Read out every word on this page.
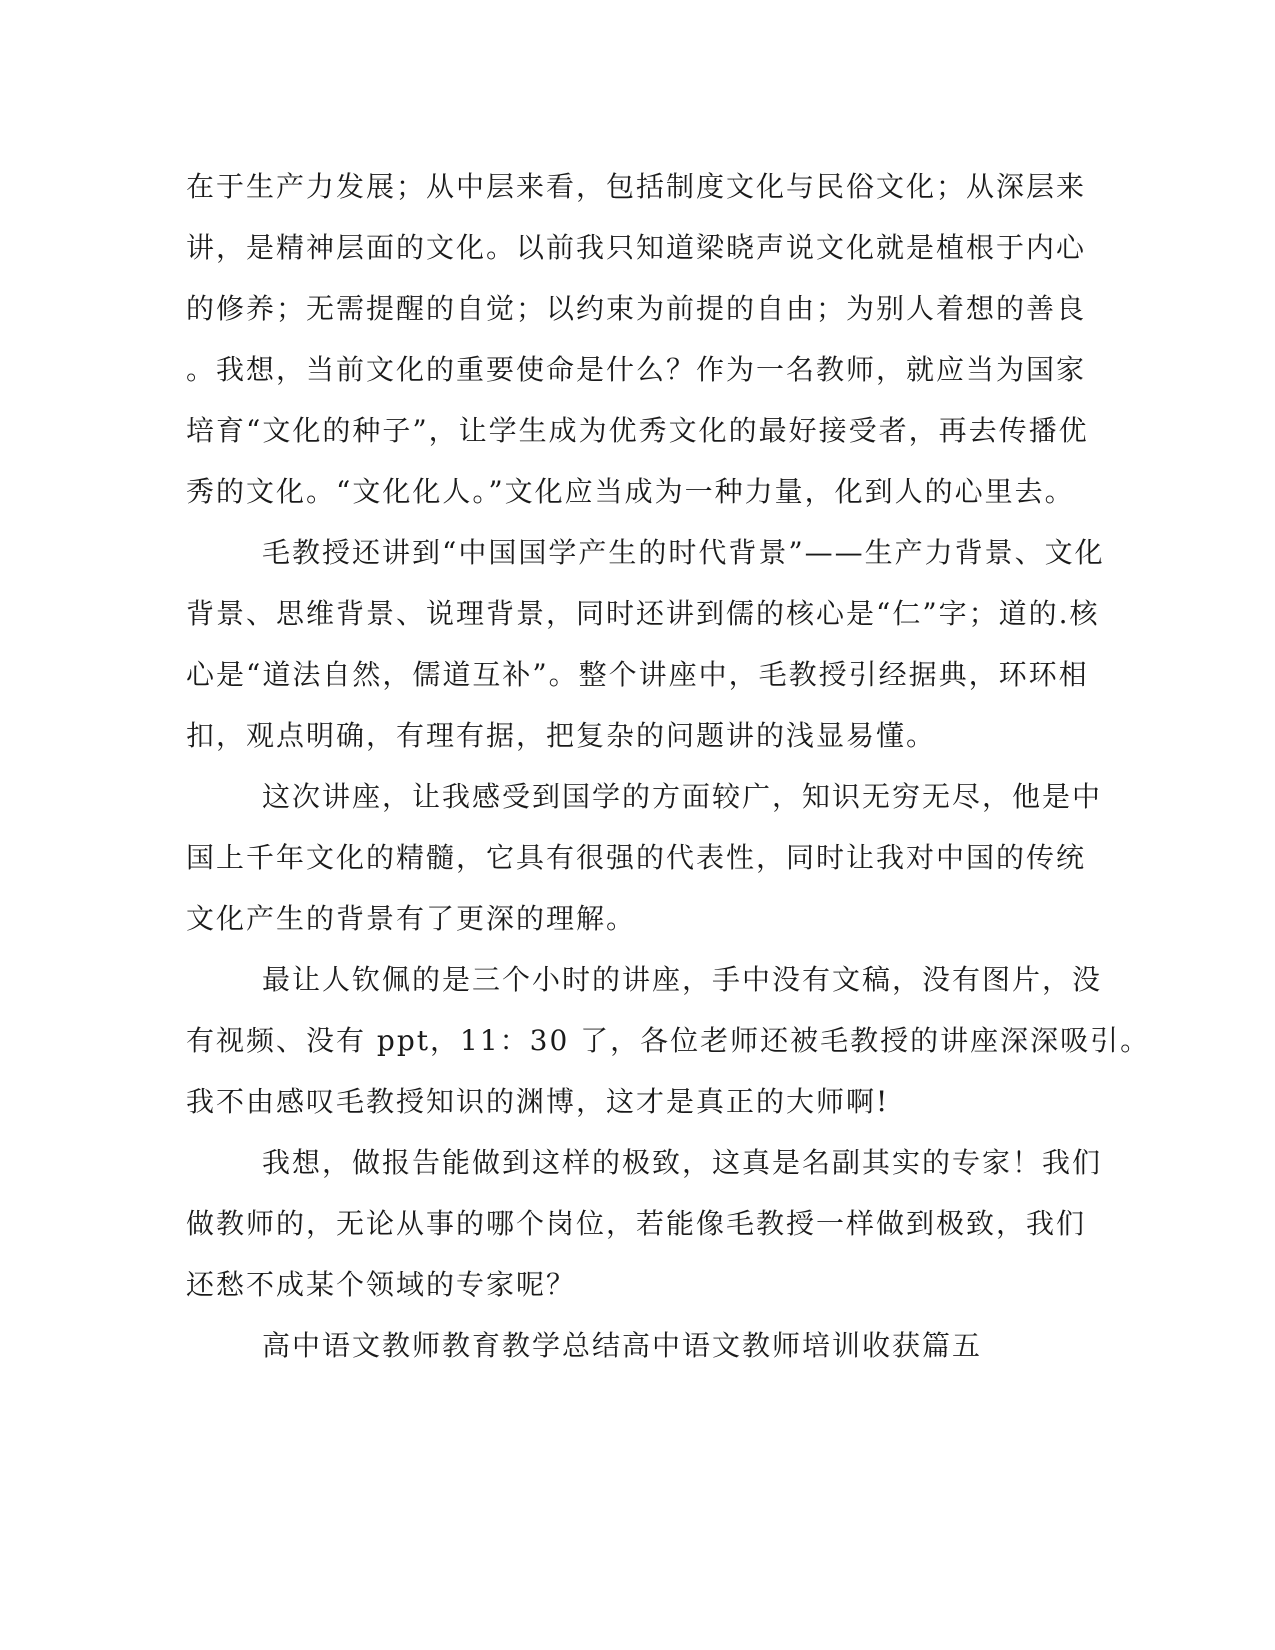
在于生产力发展；从中层来看，包括制度文化与民俗文化；从深层来
讲，是精神层面的文化。以前我只知道梁晓声说文化就是植根于内心
的修养；无需提醒的自觉；以约束为前提的自由；为别人着想的善良
。我想，当前文化的重要使命是什么？作为一名教师，就应当为国家
培育“文化的种子”，让学生成为优秀文化的最好接受者，再去传播优
秀的文化。“文化化人。”文化应当成为一种力量，化到人的心里去。

毛教授还讲到“中国国学产生的时代背景”——生产力背景、文化
背景、思维背景、说理背景，同时还讲到儒的核心是“仁”字；道的.核
心是“道法自然，儒道互补”。整个讲座中，毛教授引经据典，环环相
扣，观点明确，有理有据，把复杂的问题讲的浅显易懂。

这次讲座，让我感受到国学的方面较广，知识无穷无尽，他是中
国上千年文化的精髓，它具有很强的代表性，同时让我对中国的传统
文化产生的背景有了更深的理解。

最让人钦佩的是三个小时的讲座，手中没有文稿，没有图片，没
有视频、没有 ppt，11：30 了，各位老师还被毛教授的讲座深深吸引。
我不由感叹毛教授知识的渊博，这才是真正的大师啊!

我想，做报告能做到这样的极致，这真是名副其实的专家！我们
做教师的，无论从事的哪个岗位，若能像毛教授一样做到极致，我们
还愁不成某个领域的专家呢？

高中语文教师教育教学总结高中语文教师培训收获篇五
